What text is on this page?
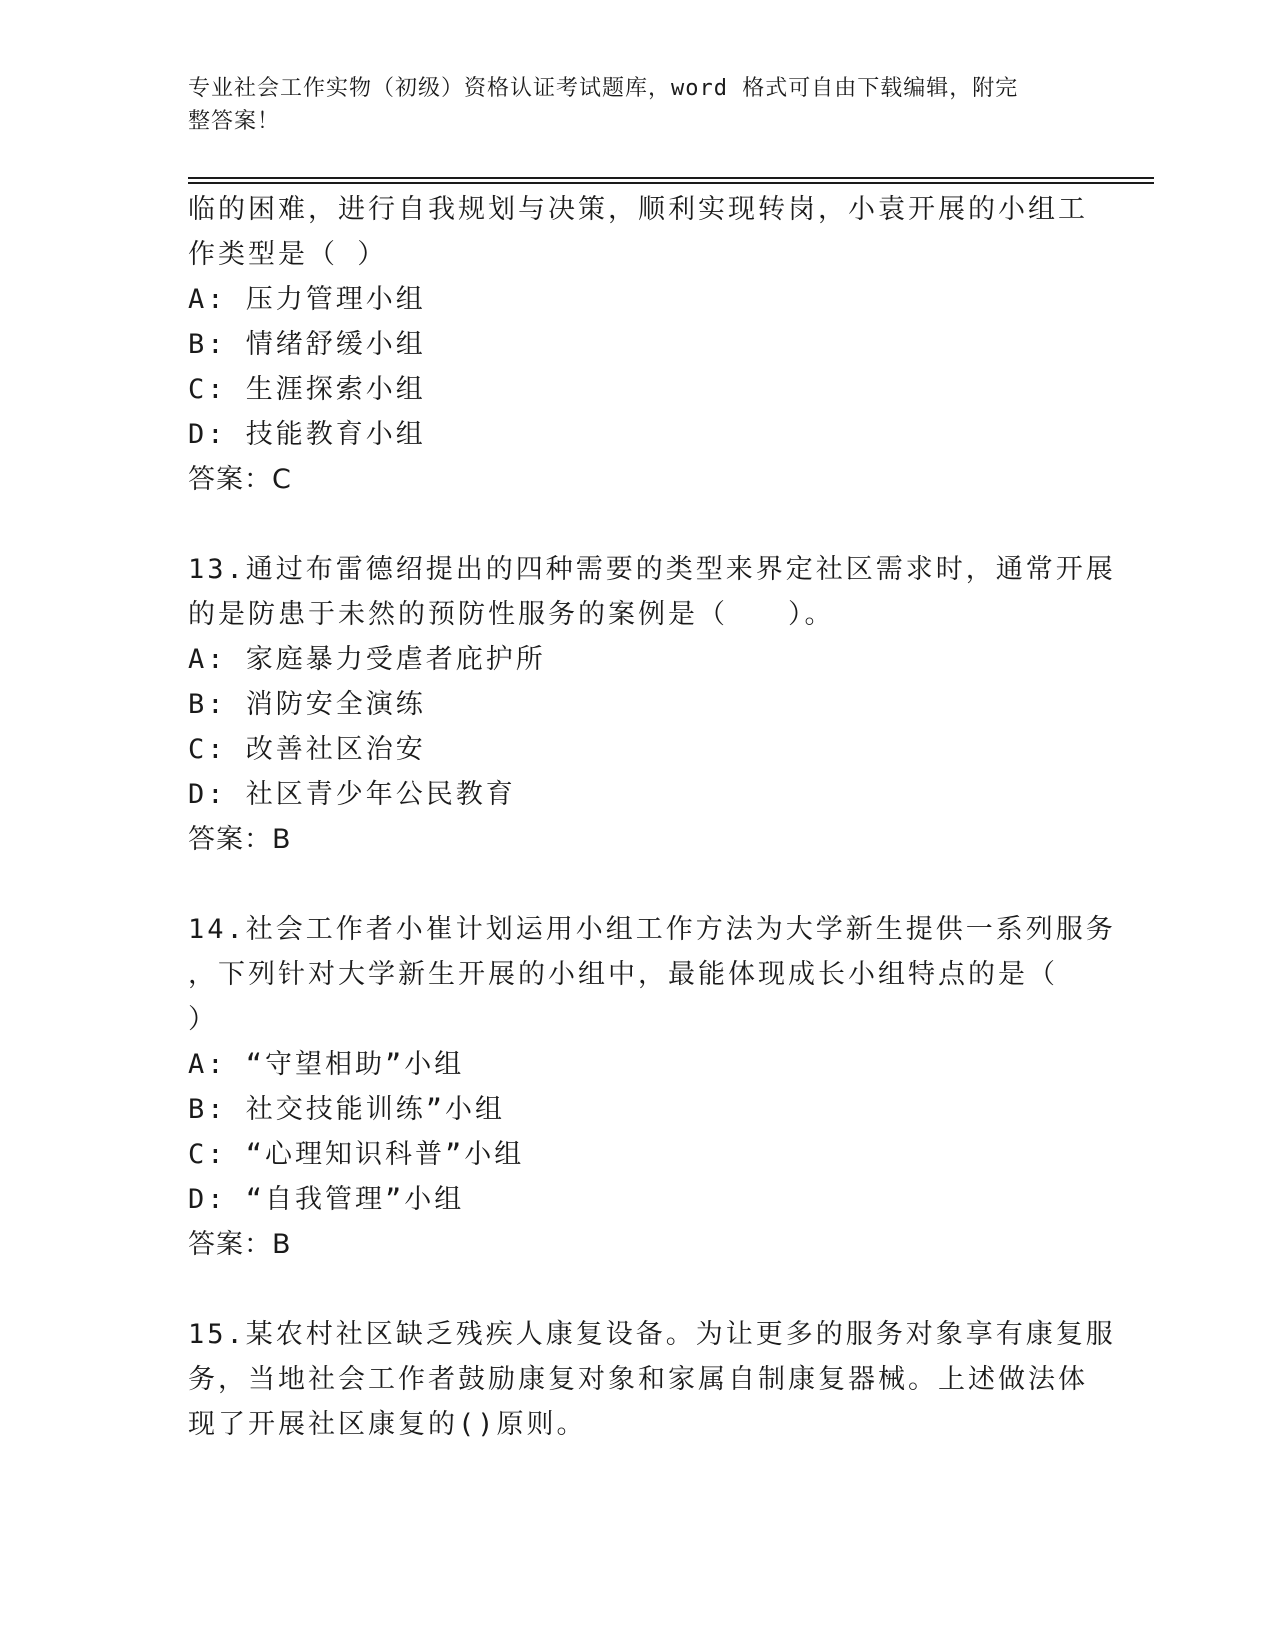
专业社会工作实物（初级）资格认证考试题库，word 格式可自由下载编辑，附完
整答案！
临的困难，进行自我规划与决策，顺利实现转岗，小袁开展的小组工
作类型是（ ）
A: 压力管理小组
B: 情绪舒缓小组
C: 生涯探索小组
D: 技能教育小组
答案：C
13.通过布雷德绍提出的四种需要的类型来界定社区需求时，通常开展
的是防患于未然的预防性服务的案例是（　　）。
A: 家庭暴力受虐者庇护所
B: 消防安全演练
C: 改善社区治安
D: 社区青少年公民教育
答案：B
14.社会工作者小崔计划运用小组工作方法为大学新生提供一系列服务
，下列针对大学新生开展的小组中，最能体现成长小组特点的是（
）
A: “守望相助”小组
B: 社交技能训练”小组
C: “心理知识科普”小组
D: “自我管理”小组
答案：B
15.某农村社区缺乏残疾人康复设备。为让更多的服务对象享有康复服
务，当地社会工作者鼓励康复对象和家属自制康复器械。上述做法体
现了开展社区康复的()原则。
